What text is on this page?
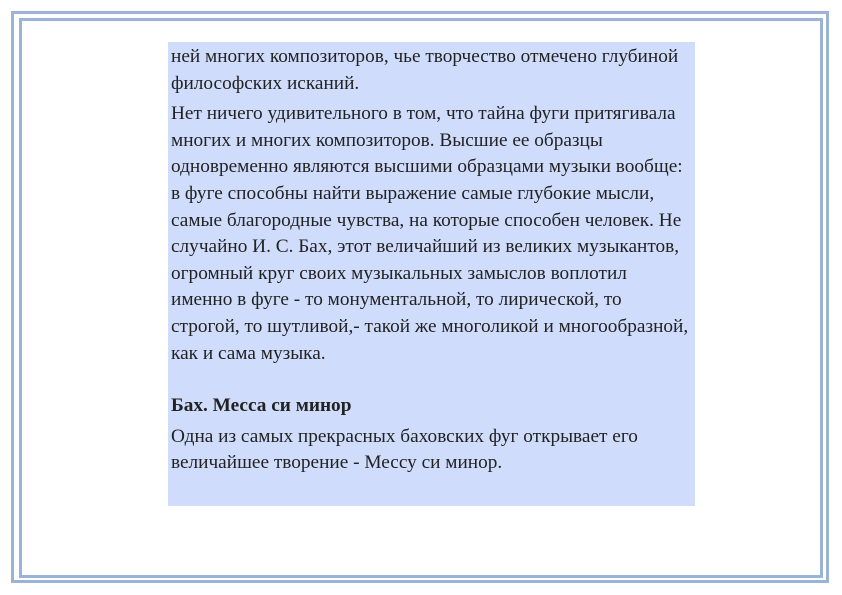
ней многих композиторов, чье творчество отмечено глубиной философских исканий.

Нет ничего удивительного в том, что тайна фуги притягивала многих и многих композиторов. Высшие ее образцы одновременно являются высшими образцами музыки вообще: в фуге способны найти выражение самые глубокие мысли, самые благородные чувства, на которые способен человек. Не случайно И. С. Бах, этот величайший из великих музыкантов, огромный круг своих музыкальных замыслов воплотил именно в фуге - то монументальной, то лирической, то строгой, то шутливой,- такой же многоликой и многообразной, как и сама музыка.

Бах. Месса си минор

Одна из самых прекрасных баховских фуг открывает его величайшее творение - Мессу си минор.
